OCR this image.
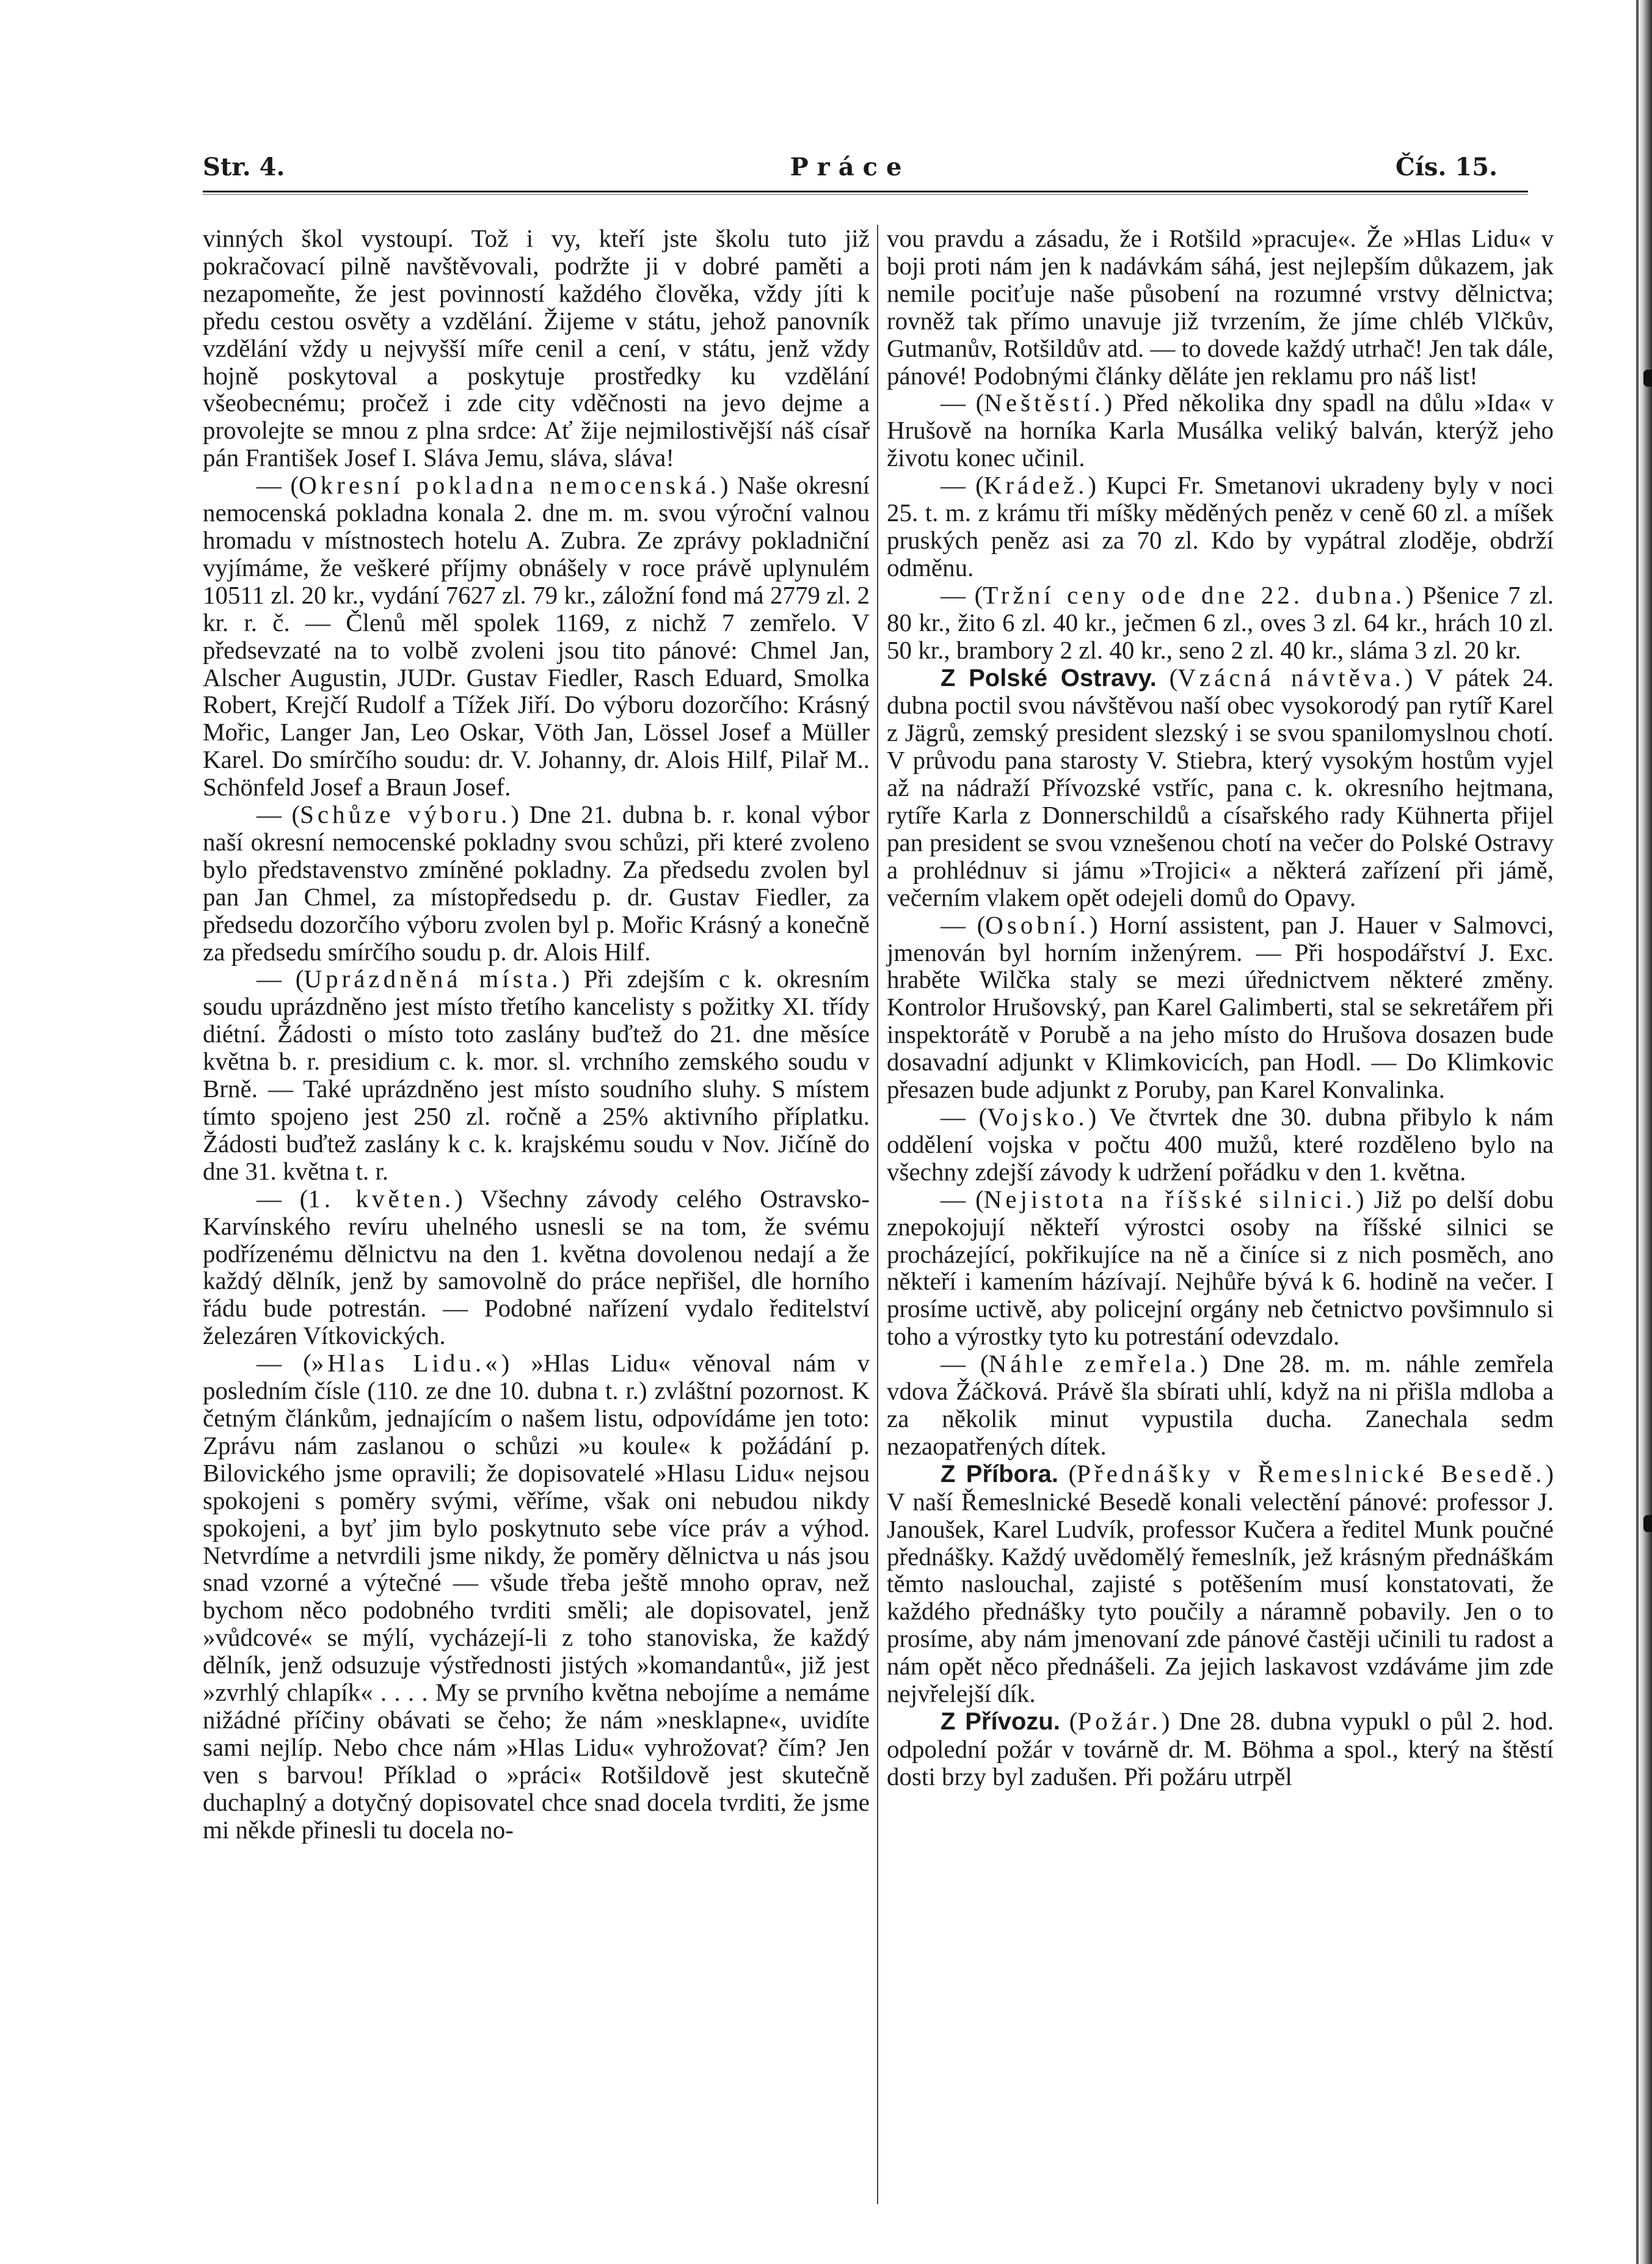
Str. 4.	Práce	Čís. 15.

vinných škol vystoupí. Tož i vy, kteří jste školu tuto již pokračovací pilně navštěvovali, podržte ji v dobré paměti a nezapomeňte, že jest povinností každého člověka, vždy jíti k předu cestou osvěty a vzdělání. Žijeme v státu, jehož panovník vzdělání vždy u nejvyšší míře cenil a cení, v státu, jenž vždy hojně poskytoval a poskytuje prostředky ku vzdělání všeobecnému; pročež i zde city vděčnosti na jevo dejme a provolejte se mnou z plna srdce: Ať žije nejmilostivější náš císař pán František Josef I. Sláva Jemu, sláva, sláva!

— (Okresní pokladna nemocenská.) Naše okresní nemocenská pokladna konala 2. dne m. m. svou výroční valnou hromadu v místnostech hotelu A. Zubra. Ze zprávy pokladniční vyjímáme, že veškeré příjmy obnášely v roce právě uplynulém 10511 zl. 20 kr., vydání 7627 zl. 79 kr., záložní fond má 2779 zl. 2 kr. r. č. — Členů měl spolek 1169, z nichž 7 zemřelo. V předsevzaté na to volbě zvoleni jsou tito pánové: Chmel Jan, Alscher Augustin, JUDr. Gustav Fiedler, Rasch Eduard, Smolka Robert, Krejčí Rudolf a Tížek Jiří. Do výboru dozorčího: Krásný Mořic, Langer Jan, Leo Oskar, Vöth Jan, Lössel Josef a Müller Karel. Do smírčího soudu: dr. V. Johanny, dr. Alois Hilf, Pilař M.. Schönfeld Josef a Braun Josef.

— (Schůze výboru.) Dne 21. dubna b. r. konal výbor naší okresní nemocenské pokladny svou schůzi, při které zvoleno bylo představenstvo zmíněné pokladny. Za předsedu zvolen byl pan Jan Chmel, za místopředsedu p. dr. Gustav Fiedler, za předsedu dozorčího výboru zvolen byl p. Mořic Krásný a konečně za předsedu smírčího soudu p. dr. Alois Hilf.

— (Uprázdněná místa.) Při zdejším c k. okresním soudu uprázdněno jest místo třetího kancelisty s požitky XI. třídy diétní. Žádosti o místo toto zaslány buďtež do 21. dne měsíce května b. r. presidium c. k. mor. sl. vrchního zemského soudu v Brně. — Také uprázdněno jest místo soudního sluhy. S místem tímto spojeno jest 250 zl. ročně a 25% aktivního příplatku. Žádosti buďtež zaslány k c. k. krajskému soudu v Nov. Jičíně do dne 31. května t. r.

— (1. květen.) Všechny závody celého Ostravsko-Karvínského revíru uhelného usnesli se na tom, že svému podřízenému dělnictvu na den 1. května dovolenou nedají a že každý dělník, jenž by samovolně do práce nepřišel, dle horního řádu bude potrestán. — Podobné nařízení vydalo ředitelství železáren Vítkovických.

— (»Hlas Lidu.«) »Hlas Lidu« věnoval nám v posledním čísle (110. ze dne 10. dubna t. r.) zvláštní pozornost. K četným článkům, jednajícím o našem listu, odpovídáme jen toto: Zprávu nám zaslanou o schůzi »u koule« k požádání p. Bilovického jsme opravili; že dopisovatelé »Hlasu Lidu« nejsou spokojeni s poměry svými, věříme, však oni nebudou nikdy spokojeni, a byť jim bylo poskytnuto sebe více práv a výhod. Netvrdíme a netvrdili jsme nikdy, že poměry dělnictva u nás jsou snad vzorné a výtečné — všude třeba ještě mnoho oprav, než bychom něco podobného tvrditi směli; ale dopisovatel, jenž »vůdcové« se mýlí, vycházejí-li z toho stanoviska, že každý dělník, jenž odsuzuje výstřednosti jistých »komandantů«, již jest »zvrhlý chlapík« . . . . My se prvního května nebojíme a nemáme nižádné příčiny obávati se čeho; že nám »nesklapne«, uvidíte sami nejlíp. Nebo chce nám »Hlas Lidu« vyhrožovat? čím? Jen ven s barvou! Příklad o »práci« Rotšildově jest skutečně duchaplný a dotyčný dopisovatel chce snad docela tvrditi, že jsme mi někde přinesli tu docela no-

vou pravdu a zásadu, že i Rotšild »pracuje«. Že »Hlas Lidu« v boji proti nám jen k nadávkám sáhá, jest nejlepším důkazem, jak nemile pociťuje naše působení na rozumné vrstvy dělnictva; rovněž tak přímo unavuje již tvrzením, že jíme chléb Vlčkův, Gutmanův, Rotšildův atd. — to dovede každý utrhač! Jen tak dále, pánové! Podobnými články děláte jen reklamu pro náš list!

— (Neštěstí.) Před několika dny spadl na důlu »Ida« v Hrušově na horníka Karla Musálka veliký balván, kterýž jeho životu konec učinil.

— (Krádež.) Kupci Fr. Smetanovi ukradeny byly v noci 25. t. m. z krámu tři míšky měděných peněz v ceně 60 zl. a míšek pruských peněz asi za 70 zl. Kdo by vypátral zloděje, obdrží odměnu.

— (Tržní ceny ode dne 22. dubna.) Pšenice 7 zl. 80 kr., žito 6 zl. 40 kr., ječmen 6 zl., oves 3 zl. 64 kr., hrách 10 zl. 50 kr., brambory 2 zl. 40 kr., seno 2 zl. 40 kr., sláma 3 zl. 20 kr.

Z Polské Ostravy. (Vzácná návtěva.) V pátek 24. dubna poctil svou návštěvou naší obec vysokorodý pan rytíř Karel z Jägrů, zemský president slezský i se svou spanilomyslnou chotí. V průvodu pana starosty V. Stiebra, který vysokým hostům vyjel až na nádraží Přívozské vstříc, pana c. k. okresního hejtmana, rytíře Karla z Donnerschildů a císařského rady Kühnerta přijel pan president se svou vznešenou chotí na večer do Polské Ostravy a prohlédnuv si jámu »Trojici« a některá zařízení při jámě, večerním vlakem opět odejeli domů do Opavy.

— (Osobní.) Horní assistent, pan J. Hauer v Salmovci, jmenován byl horním inženýrem. — Při hospodářství J. Exc. hraběte Wilčka staly se mezi úřednictvem některé změny. Kontrolor Hrušovský, pan Karel Galimberti, stal se sekretářem při inspektorátě v Porubě a na jeho místo do Hrušova dosazen bude dosavadní adjunkt v Klimkovicích, pan Hodl. — Do Klimkovic přesazen bude adjunkt z Poruby, pan Karel Konvalinka.

— (Vojsko.) Ve čtvrtek dne 30. dubna přibylo k nám oddělení vojska v počtu 400 mužů, které rozděleno bylo na všechny zdejší závody k udržení pořádku v den 1. května.

— (Nejistota na říšské silnici.) Již po delší dobu znepokojují někteří výrostci osoby na říšské silnici se procházející, pokřikujíce na ně a činíce si z nich posměch, ano někteří i kamením házívají. Nejhůře bývá k 6. hodině na večer. I prosíme uctivě, aby policejní orgány neb četnictvo povšimnulo si toho a výrostky tyto ku potrestání odevzdalo.

— (Náhle zemřela.) Dne 28. m. m. náhle zemřela vdova Žáčková. Právě šla sbírati uhlí, když na ni přišla mdloba a za několik minut vypustila ducha. Zanechala sedm nezaopatřených dítek.

Z Příbora. (Přednášky v Řemeslnické Besedě.) V naší Řemeslnické Besedě konali velectění pánové: professor J. Janoušek, Karel Ludvík, professor Kučera a ředitel Munk poučné přednášky. Každý uvědomělý řemeslník, jež krásným přednáškám těmto naslouchal, zajisté s potěšením musí konstatovati, že každého přednášky tyto poučily a náramně pobavily. Jen o to prosíme, aby nám jmenovaní zde pánové častěji učinili tu radost a nám opět něco přednášeli. Za jejich laskavost vzdáváme jim zde nejvřelejší dík.

Z Přívozu. (Požár.) Dne 28. dubna vypukl o půl 2. hod. odpolední požár v továrně dr. M. Böhma a spol., který na štěstí dosti brzy byl zadušen. Při požáru utrpěl
